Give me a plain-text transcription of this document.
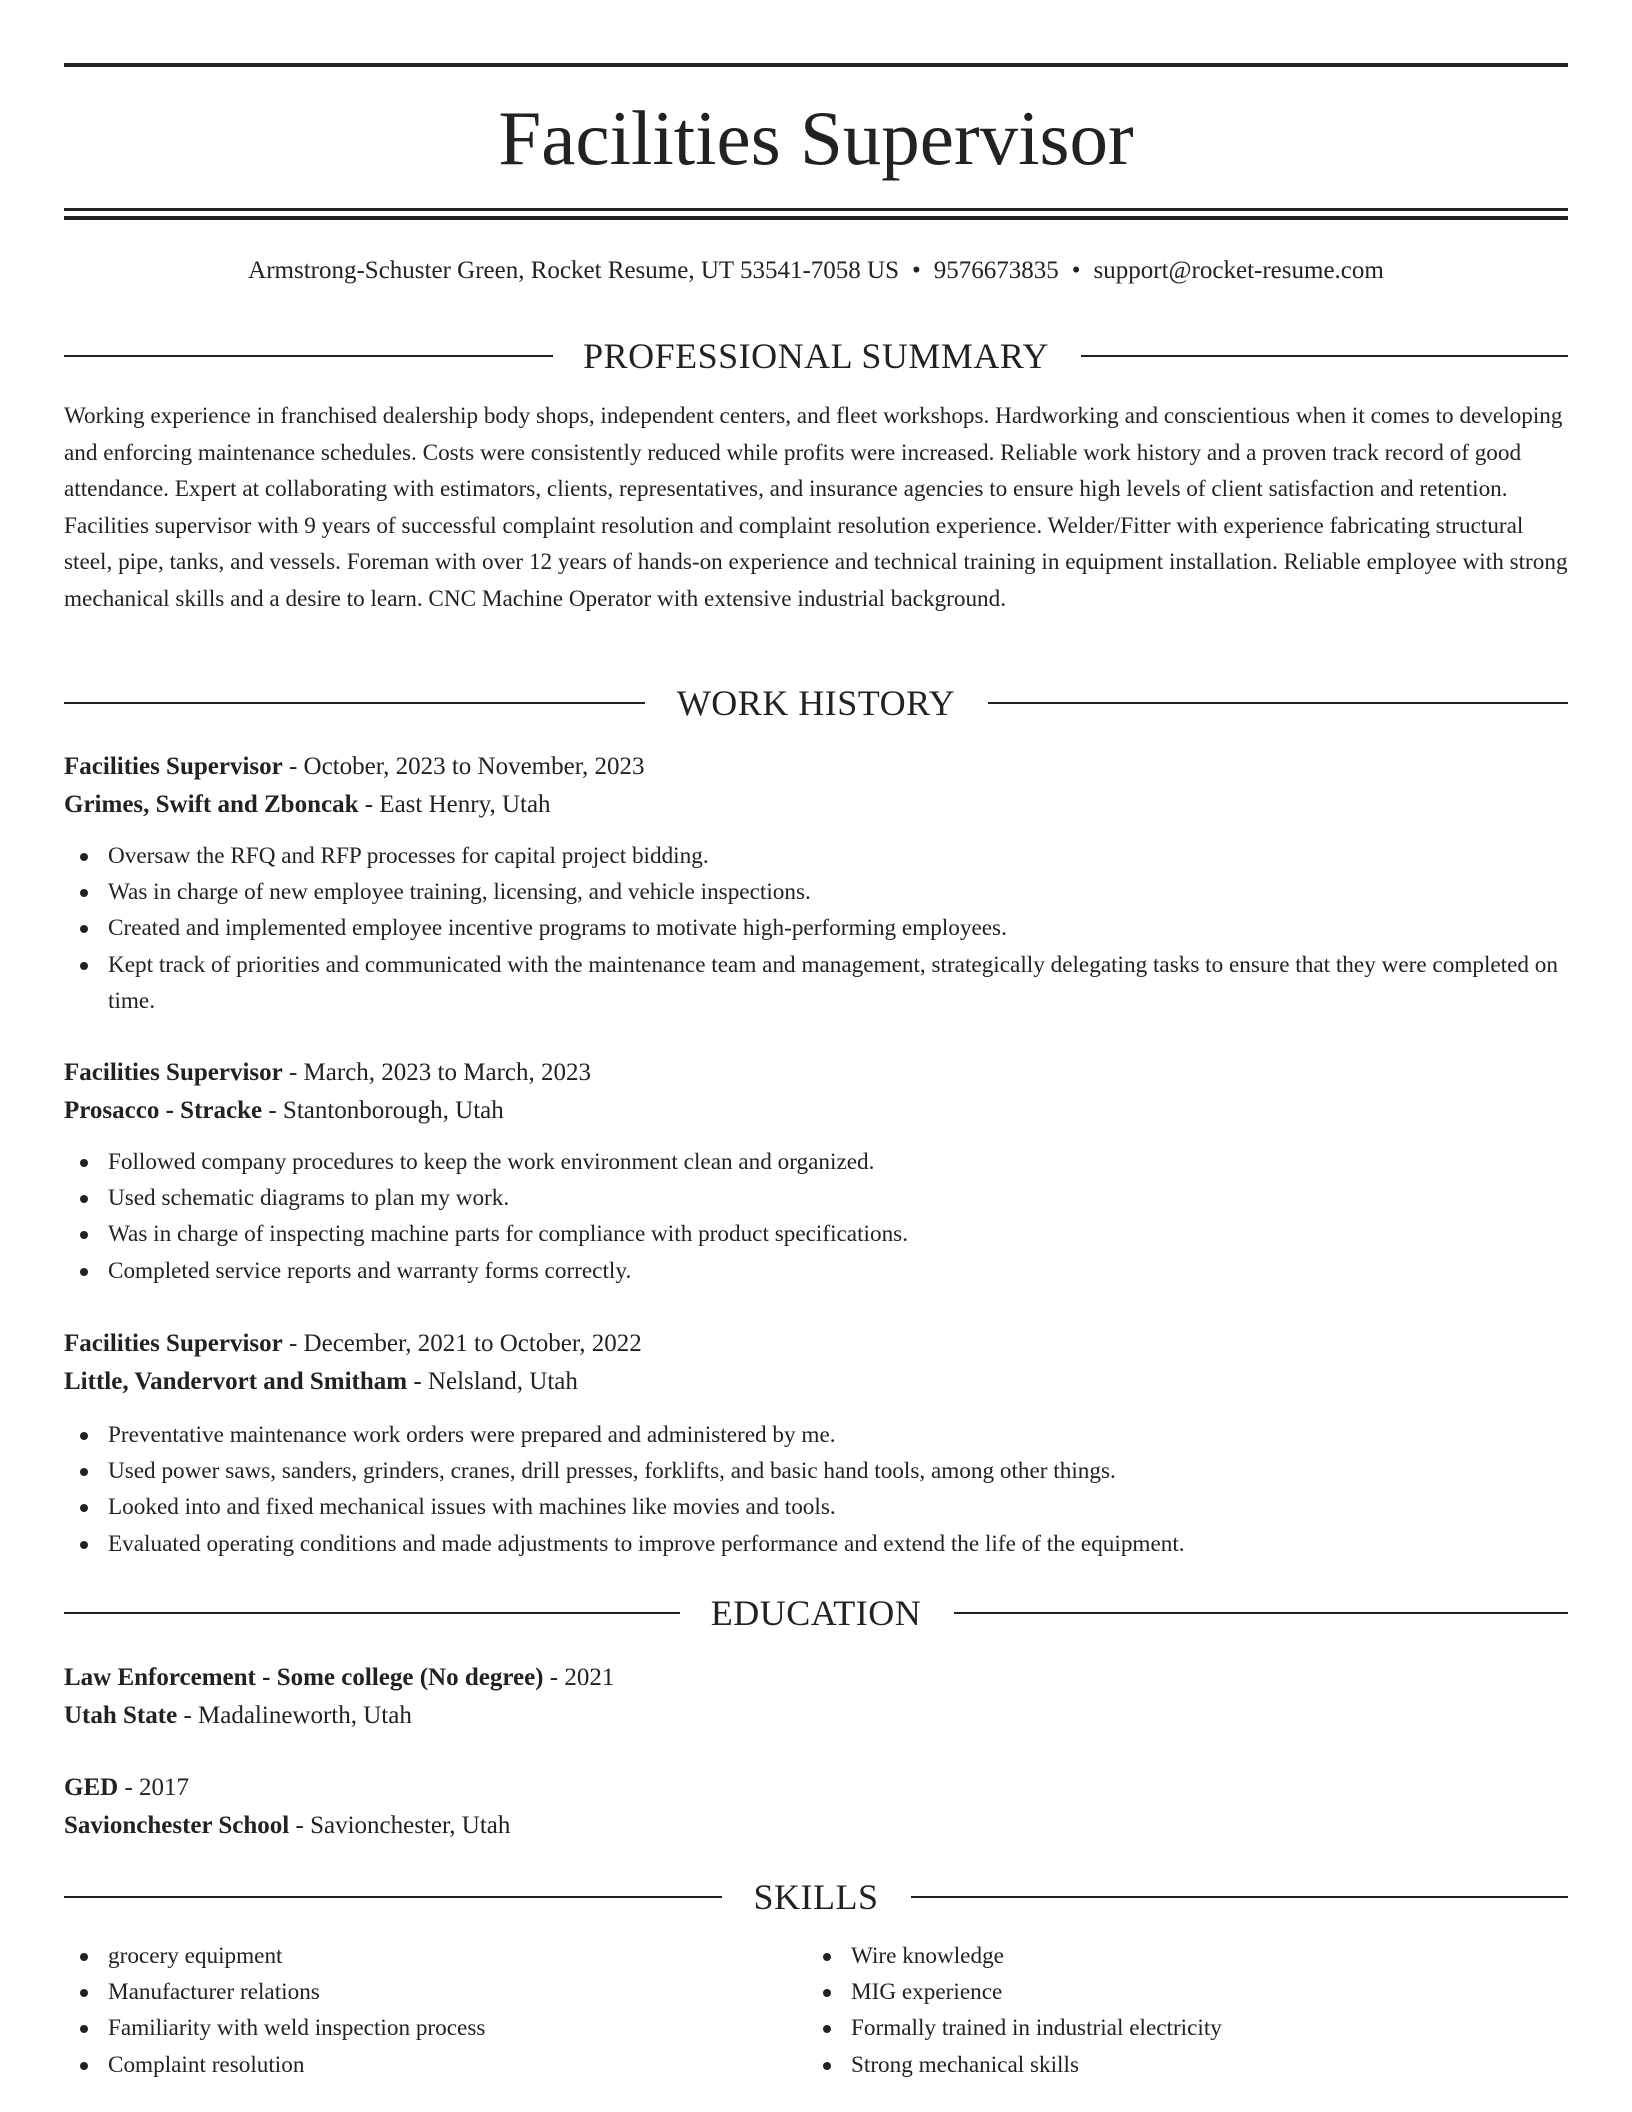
Facilities Supervisor
Armstrong-Schuster Green, Rocket Resume, UT 53541-7058 US • 9576673835 • support@rocket-resume.com
PROFESSIONAL SUMMARY

Working experience in franchised dealership body shops, independent centers, and fleet workshops. Hardworking and conscientious when it comes to developing and enforcing maintenance schedules. Costs were consistently reduced while profits were increased. Reliable work history and a proven track record of good attendance. Expert at collaborating with estimators, clients, representatives, and insurance agencies to ensure high levels of client satisfaction and retention. Facilities supervisor with 9 years of successful complaint resolution and complaint resolution experience. Welder/Fitter with experience fabricating structural steel, pipe, tanks, and vessels. Foreman with over 12 years of hands-on experience and technical training in equipment installation. Reliable employee with strong mechanical skills and a desire to learn. CNC Machine Operator with extensive industrial background.

WORK HISTORY
Facilities Supervisor - October, 2023 to November, 2023
Grimes, Swift and Zboncak - East Henry, Utah
Oversaw the RFQ and RFP processes for capital project bidding.
Was in charge of new employee training, licensing, and vehicle inspections.
Created and implemented employee incentive programs to motivate high-performing employees.
Kept track of priorities and communicated with the maintenance team and management, strategically delegating tasks to ensure that they were completed on time.
Facilities Supervisor - March, 2023 to March, 2023
Prosacco - Stracke - Stantonborough, Utah
Followed company procedures to keep the work environment clean and organized.
Used schematic diagrams to plan my work.
Was in charge of inspecting machine parts for compliance with product specifications.
Completed service reports and warranty forms correctly.
Facilities Supervisor - December, 2021 to October, 2022
Little, Vandervort and Smitham - Nelsland, Utah
Preventative maintenance work orders were prepared and administered by me.
Used power saws, sanders, grinders, cranes, drill presses, forklifts, and basic hand tools, among other things.
Looked into and fixed mechanical issues with machines like movies and tools.
Evaluated operating conditions and made adjustments to improve performance and extend the life of the equipment.
EDUCATION
Law Enforcement - Some college (No degree) - 2021
Utah State - Madalineworth, Utah
GED - 2017
Savionchester School - Savionchester, Utah
SKILLS
grocery equipment
Manufacturer relations
Familiarity with weld inspection process
Complaint resolution
Wire knowledge
MIG experience
Formally trained in industrial electricity
Strong mechanical skills
